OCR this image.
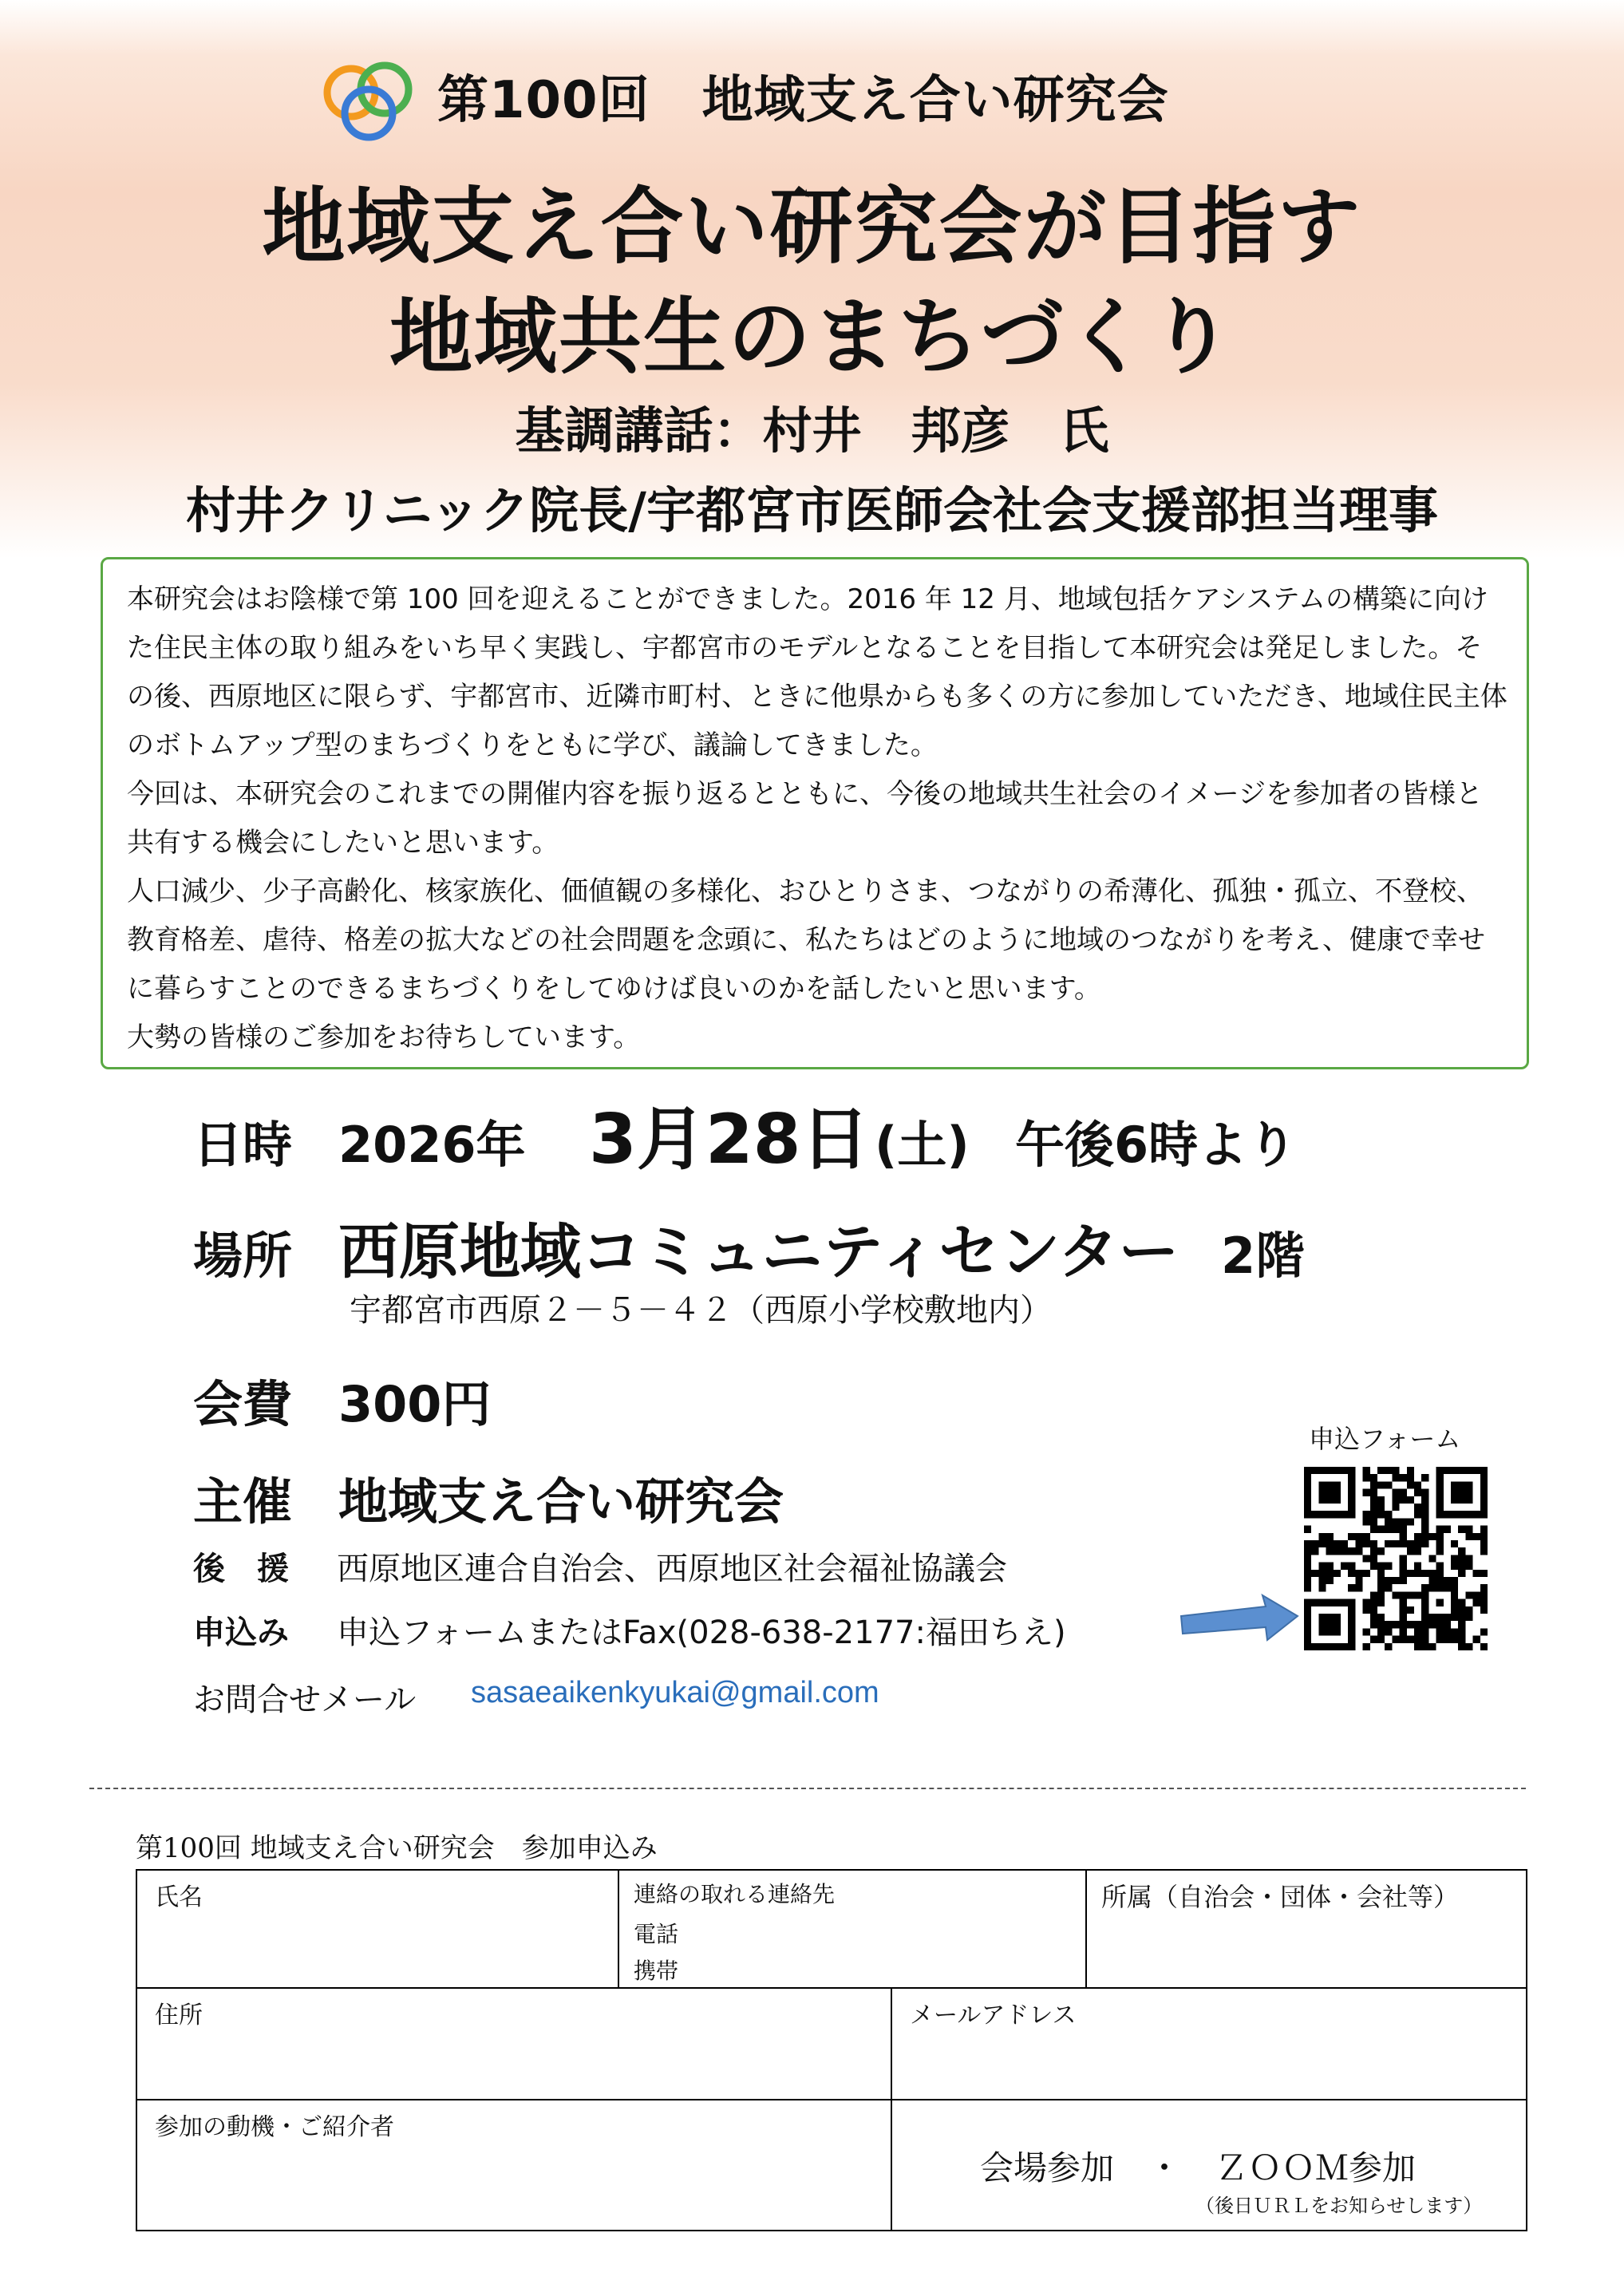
第100回　地域支え合い研究会
地域支え合い研究会が目指す
地域共生のまちづくり
基調講話：村井　邦彦　氏
村井クリニック院長/宇都宮市医師会社会支援部担当理事

本研究会はお陰様で第 100 回を迎えることができました。2016 年 12 月、地域包括ケアシステムの構築に向けた住民主体の取り組みをいち早く実践し、宇都宮市のモデルとなることを目指して本研究会は発足しました。その後、西原地区に限らず、宇都宮市、近隣市町村、ときに他県からも多くの方に参加していただき、地域住民主体のボトムアップ型のまちづくりをともに学び、議論してきました。

今回は、本研究会のこれまでの開催内容を振り返るとともに、今後の地域共生社会のイメージを参加者の皆様と共有する機会にしたいと思います。

人口減少、少子高齢化、核家族化、価値観の多様化、おひとりさま、つながりの希薄化、孤独・孤立、不登校、教育格差、虐待、格差の拡大などの社会問題を念頭に、私たちはどのように地域のつながりを考え、健康で幸せに暮らすことのできるまちづくりをしてゆけば良いのかを話したいと思います。

大勢の皆様のご参加をお待ちしています。

日時 2026年 3月28日 (土) 午後6時より
場所 西原地域コミュニティセンター 2階
宇都宮市西原２－５－４２（西原小学校敷地内）
会費 300円
主催 地域支え合い研究会
後　援 西原地区連合自治会、西原地区社会福祉協議会
申込み 申込フォームまたはFax(028-638-2177:福田ちえ)
お問合せメール sasaeaikenkyukai@gmail.com
申込フォーム
第100回 地域支え合い研究会　参加申込み
氏名	連絡の取れる連絡先
電話
携帯
所属（自治会・団体・会社等）
住所	メールアドレス
参加の動機・ご紹介者
会場参加　・　ＺＯＯＭ参加
（後日ＵＲＬをお知らせします）
